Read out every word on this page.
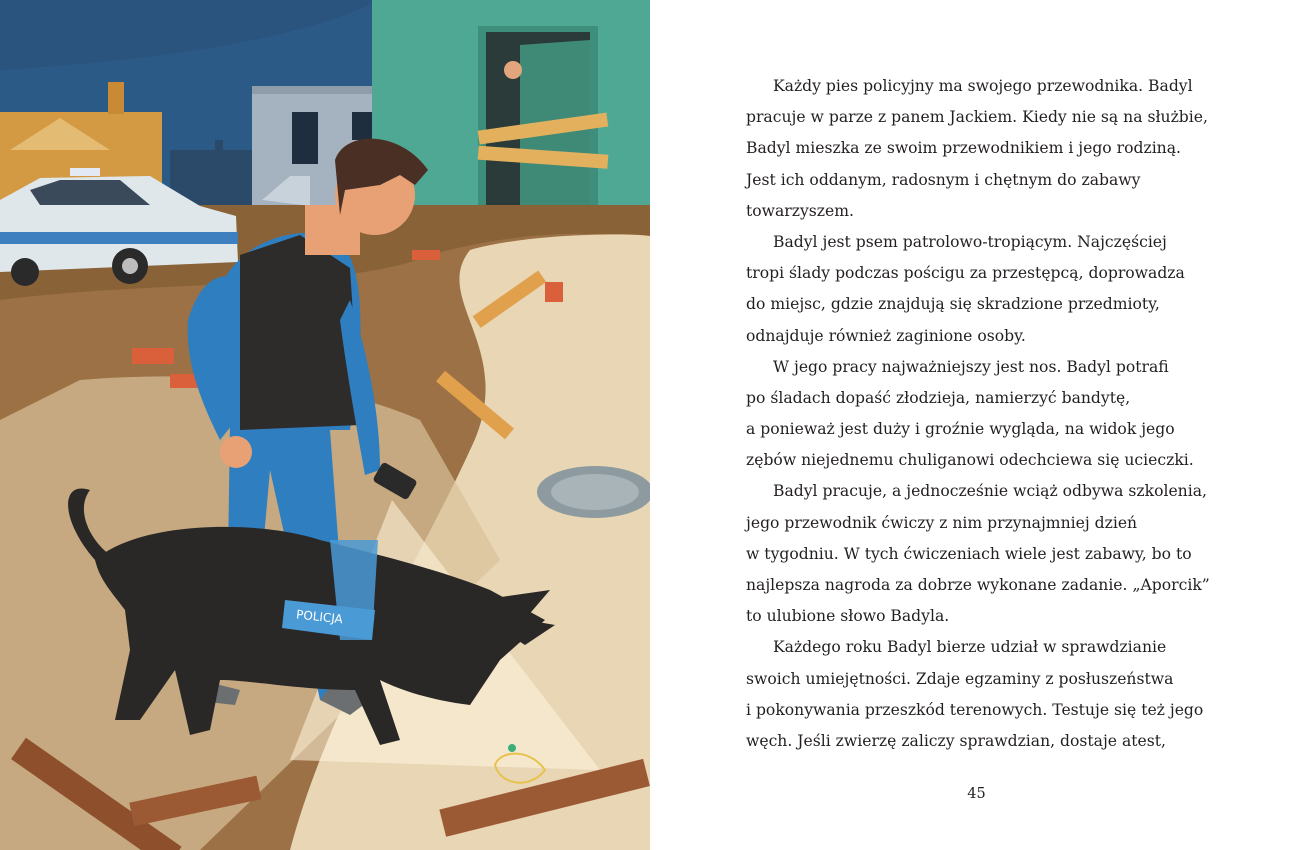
POLICJA
Każdy pies policyjny ma swojego przewodnika. Badyl
pracuje w parze z panem Jackiem. Kiedy nie są na służbie,
Badyl mieszka ze swoim przewodnikiem i jego rodziną.
Jest ich oddanym, radosnym i chętnym do zabawy
towarzyszem.
Badyl jest psem patrolowo-tropiącym. Najczęściej
tropi ślady podczas pościgu za przestępcą, doprowadza
do miejsc, gdzie znajdują się skradzione przedmioty,
odnajduje również zaginione osoby.
W jego pracy najważniejszy jest nos. Badyl potrafi
po śladach dopaść złodzieja, namierzyć bandytę,
a ponieważ jest duży i groźnie wygląda, na widok jego
zębów niejednemu chuliganowi odechciewa się ucieczki.
Badyl pracuje, a jednocześnie wciąż odbywa szkolenia,
jego przewodnik ćwiczy z nim przynajmniej dzień
w tygodniu. W tych ćwiczeniach wiele jest zabawy, bo to
najlepsza nagroda za dobrze wykonane zadanie. „Aporcik”
to ulubione słowo Badyla.
Każdego roku Badyl bierze udział w sprawdzianie
swoich umiejętności. Zdaje egzaminy z posłuszeństwa
i pokonywania przeszkód terenowych. Testuje się też jego
węch. Jeśli zwierzę zaliczy sprawdzian, dostaje atest,
45
